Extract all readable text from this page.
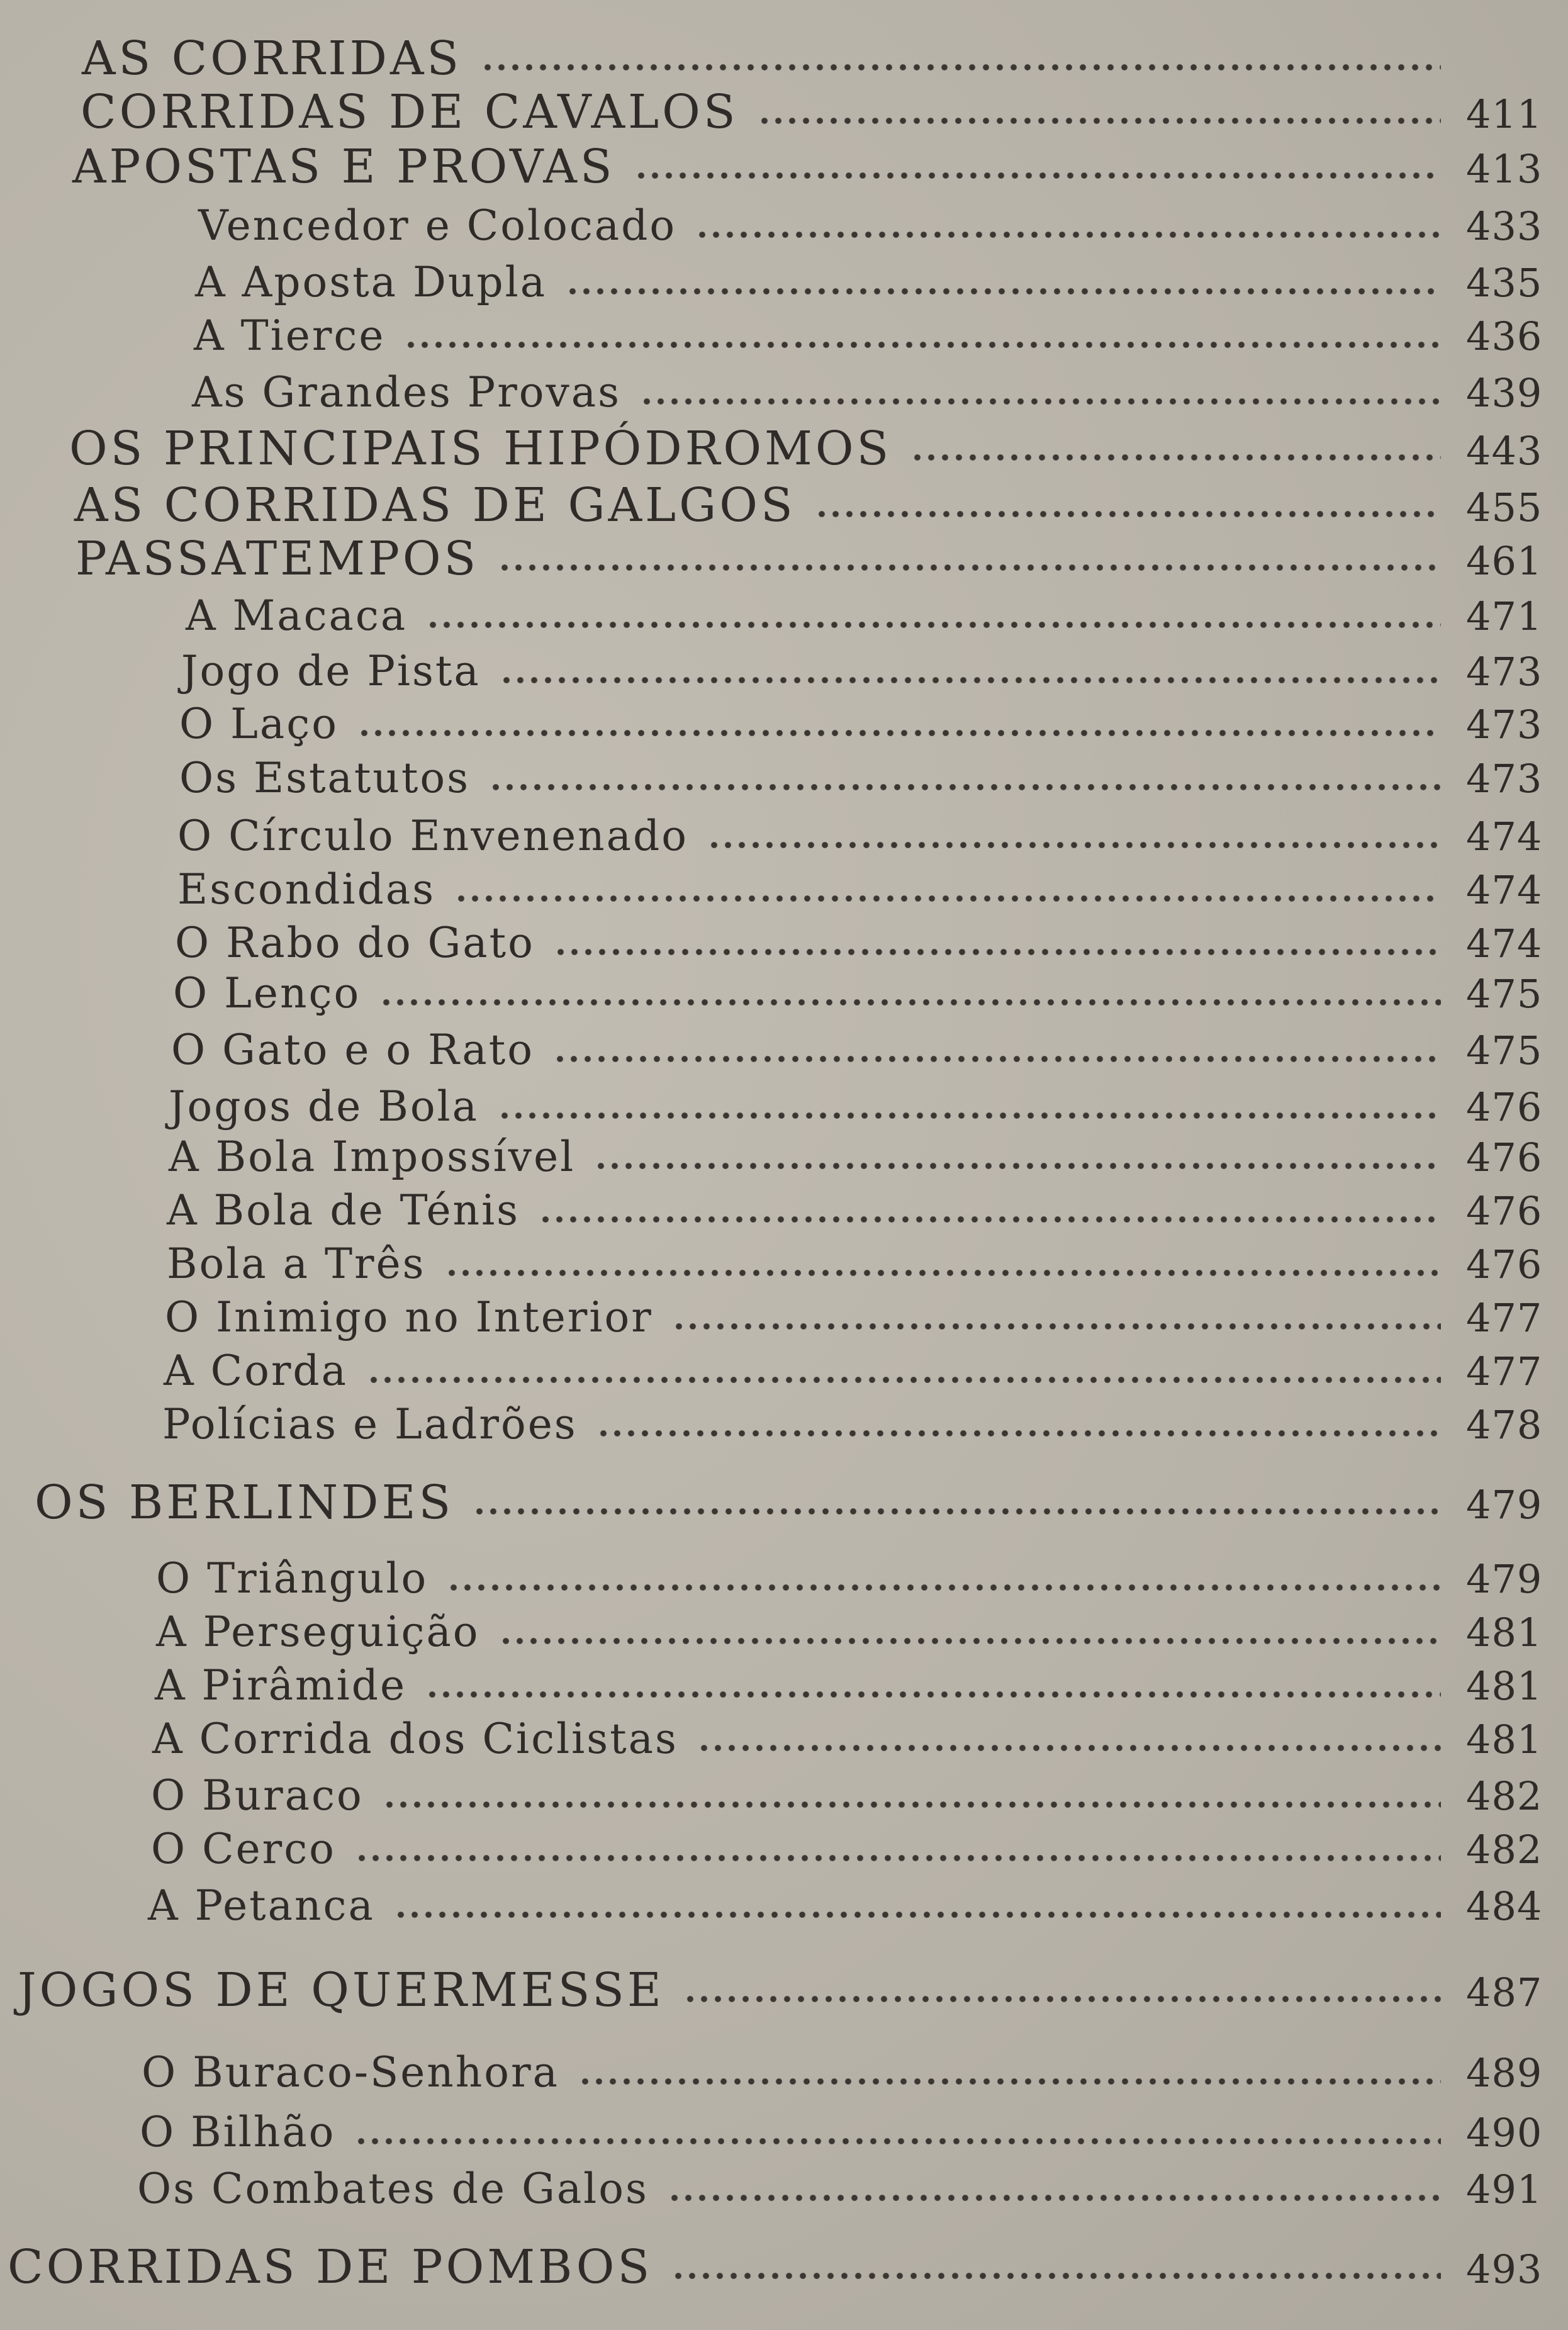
AS CORRIDAS
CORRIDAS DE CAVALOS	411
APOSTAS E PROVAS	413
Vencedor e Colocado	433
A Aposta Dupla	435
A Tierce	436
As Grandes Provas	439
OS PRINCIPAIS HIPÓDROMOS	443
AS CORRIDAS DE GALGOS	455
PASSATEMPOS	461
A Macaca	471
Jogo de Pista	473
O Laço	473
Os Estatutos	473
O Círculo Envenenado	474
Escondidas	474
O Rabo do Gato	474
O Lenço	475
O Gato e o Rato	475
Jogos de Bola	476
A Bola Impossível	476
A Bola de Ténis	476
Bola a Três	476
O Inimigo no Interior	477
A Corda	477
Polícias e Ladrões	478
OS BERLINDES	479
O Triângulo	479
A Perseguição	481
A Pirâmide	481
A Corrida dos Ciclistas	481
O Buraco	482
O Cerco	482
A Petanca	484
JOGOS DE QUERMESSE	487
O Buraco-Senhora	489
O Bilhão	490
Os Combates de Galos	491
CORRIDAS DE POMBOS	493
